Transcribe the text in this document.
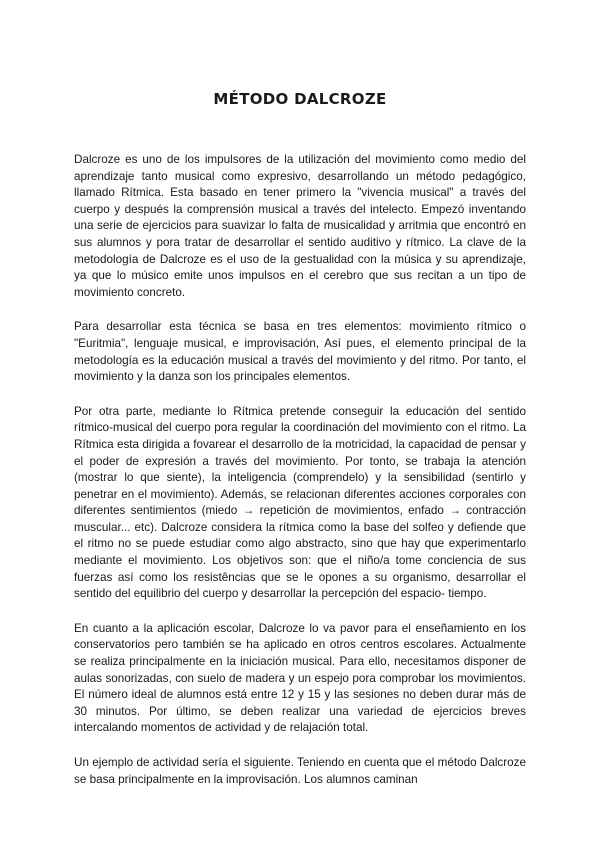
MÉTODO DALCROZE

Dalcroze es uno de los impulsores de la utilización del movimiento como medio del aprendizaje tanto musical como expresivo, desarrollando un método pedagógico, llamado Rítmica. Esta basado en tener primero la "vivencia musical" a través del cuerpo y después la comprensión musical a través del intelecto. Empezó inventando una serie de ejercicios para suavizar lo falta de musicalidad y arritmia que encontró en sus alumnos y pora tratar de desarrollar el sentido auditivo y rítmico. La clave de la metodología de Dalcroze es el uso de la gestualidad con la música y su aprendizaje, ya que lo músico emite unos impulsos en el cerebro que sus recitan a un tipo de movimiento concreto.

Para desarrollar esta técnica se basa en tres elementos: movimiento rítmico o "Euritmia", lenguaje musical, e improvisación, Así pues, el elemento principal de la metodología es la educación musical a través del movimiento y del ritmo. Por tanto, el movimiento y la danza son los principales elementos.

Por otra parte, mediante lo Rítmica pretende conseguir la educación del sentido rítmico-musical del cuerpo pora regular la coordinación del movimiento con el ritmo. La Rítmica esta dirigida a fovarear el desarrollo de la motricidad, la capacidad de pensar y el poder de expresión a través del movimiento. Por tonto, se trabaja la atención (mostrar lo que siente), la inteligencia (comprendelo) y la sensibilidad (sentirlo y penetrar en el movimiento). Además, se relacionan diferentes acciones corporales con diferentes sentimientos (miedo → repetición de movimientos, enfado → contracción muscular... etc). Dalcroze considera la rítmica como la base del solfeo y defiende que el ritmo no se puede estudiar como algo abstracto, sino que hay que experimentarlo mediante el movimiento. Los objetivos son: que el niño/a tome conciencia de sus fuerzas así como los resistências que se le opones a su organismo, desarrollar el sentido del equilibrio del cuerpo y desarrollar la percepción del espacio- tiempo.

En cuanto a la aplicación escolar, Dalcroze lo va pavor para el enseñamiento en los conservatorios pero también se ha aplicado en otros centros escolares. Actualmente se realiza principalmente en la iniciación musical. Para ello, necesitamos disponer de aulas sonorizadas, con suelo de madera y un espejo pora comprobar los movimientos. El número ideal de alumnos está entre 12 y 15 y las sesiones no deben durar más de 30 minutos. Por último, se deben realizar una variedad de ejercicios breves intercalando momentos de actividad y de relajación total.

Un ejemplo de actividad sería el siguiente. Teniendo en cuenta que el método Dalcroze se basa principalmente en la improvisación. Los alumnos caminan
